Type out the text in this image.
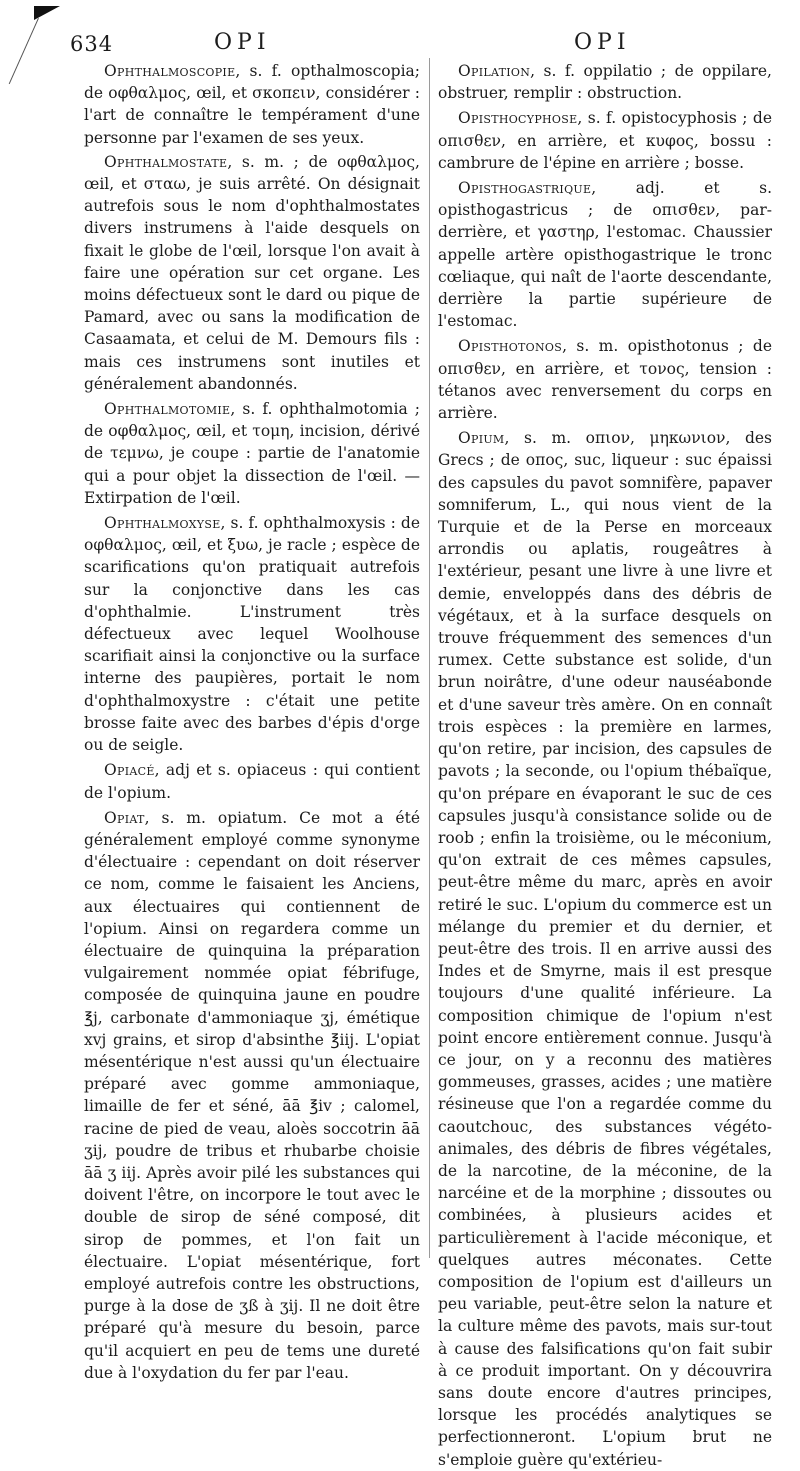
634	OPI	OPI

Ophthalmoscopie, s. f. opthalmoscopia; de οφθαλμος, œil, et σκοπειν, considérer : l'art de connaître le tempérament d'une personne par l'examen de ses yeux.

Ophthalmostate, s. m. ; de οφθαλμος, œil, et σταω, je suis arrêté. On désignait autrefois sous le nom d'ophthalmostates divers instrumens à l'aide desquels on fixait le globe de l'œil, lorsque l'on avait à faire une opération sur cet organe. Les moins défectueux sont le dard ou pique de Pamard, avec ou sans la modification de Casaamata, et celui de M. Demours fils : mais ces instrumens sont inutiles et généralement abandonnés.

Ophthalmotomie, s. f. ophthalmotomia ; de οφθαλμος, œil, et τομη, incision, dérivé de τεμνω, je coupe : partie de l'anatomie qui a pour objet la dissection de l'œil. — Extirpation de l'œil.

Ophthalmoxyse, s. f. ophthalmoxysis : de οφθαλμος, œil, et ξυω, je racle ; espèce de scarifications qu'on pratiquait autrefois sur la conjonctive dans les cas d'ophthalmie. L'instrument très défectueux avec lequel Woolhouse scarifiait ainsi la conjonctive ou la surface interne des paupières, portait le nom d'ophthalmoxystre : c'était une petite brosse faite avec des barbes d'épis d'orge ou de seigle.

Opiacé, adj et s. opiaceus : qui contient de l'opium.

Opiat, s. m. opiatum. Ce mot a été généralement employé comme synonyme d'électuaire : cependant on doit réserver ce nom, comme le faisaient les Anciens, aux électuaires qui contiennent de l'opium. Ainsi on regardera comme un électuaire de quinquina la préparation vulgairement nommée opiat fébrifuge, composée de quinquina jaune en poudre ℥j, carbonate d'ammoniaque ʒj, émétique xvj grains, et sirop d'absinthe ℥iij. L'opiat mésentérique n'est aussi qu'un électuaire préparé avec gomme ammoniaque, limaille de fer et séné, āā ℥iv ; calomel, racine de pied de veau, aloès soccotrin āā ʒij, poudre de tribus et rhubarbe choisie āā ʒ iij. Après avoir pilé les substances qui doivent l'être, on incorpore le tout avec le double de sirop de séné composé, dit sirop de pommes, et l'on fait un électuaire. L'opiat mésentérique, fort employé autrefois contre les obstructions, purge à la dose de ʒß à ʒij. Il ne doit être préparé qu'à mesure du besoin, parce qu'il acquiert en peu de tems une dureté due à l'oxydation du fer par l'eau.

Opilation, s. f. oppilatio ; de oppilare, obstruer, remplir : obstruction.

Opisthocyphose, s. f. opistocyphosis ; de οπισθεν, en arrière, et κυφος, bossu : cambrure de l'épine en arrière ; bosse.

Opisthogastrique, adj. et s. opisthogastricus ; de οπισθεν, par-derrière, et γαστηρ, l'estomac. Chaussier appelle artère opisthogastrique le tronc cœliaque, qui naît de l'aorte descendante, derrière la partie supérieure de l'estomac.

Opisthotonos, s. m. opisthotonus ; de οπισθεν, en arrière, et τονος, tension : tétanos avec renversement du corps en arrière.

Opium, s. m. οπιον, μηκωνιον, des Grecs ; de οπος, suc, liqueur : suc épaissi des capsules du pavot somnifère, papaver somniferum, L., qui nous vient de la Turquie et de la Perse en morceaux arrondis ou aplatis, rougeâtres à l'extérieur, pesant une livre à une livre et demie, enveloppés dans des débris de végétaux, et à la surface desquels on trouve fréquemment des semences d'un rumex. Cette substance est solide, d'un brun noirâtre, d'une odeur nauséabonde et d'une saveur très amère. On en connaît trois espèces : la première en larmes, qu'on retire, par incision, des capsules de pavots ; la seconde, ou l'opium thébaïque, qu'on prépare en évaporant le suc de ces capsules jusqu'à consistance solide ou de roob ; enfin la troisième, ou le méconium, qu'on extrait de ces mêmes capsules, peut-être même du marc, après en avoir retiré le suc. L'opium du commerce est un mélange du premier et du dernier, et peut-être des trois. Il en arrive aussi des Indes et de Smyrne, mais il est presque toujours d'une qualité inférieure. La composition chimique de l'opium n'est point encore entièrement connue. Jusqu'à ce jour, on y a reconnu des matières gommeuses, grasses, acides ; une matière résineuse que l'on a regardée comme du caoutchouc, des substances végéto-animales, des débris de fibres végétales, de la narcotine, de la méconine, de la narcéine et de la morphine ; dissoutes ou combinées, à plusieurs acides et particulièrement à l'acide méconique, et quelques autres méconates. Cette composition de l'opium est d'ailleurs un peu variable, peut-être selon la nature et la culture même des pavots, mais sur-tout à cause des falsifications qu'on fait subir à ce produit important. On y découvrira sans doute encore d'autres principes, lorsque les procédés analytiques se perfectionneront. L'opium brut ne s'emploie guère qu'extérieu-
